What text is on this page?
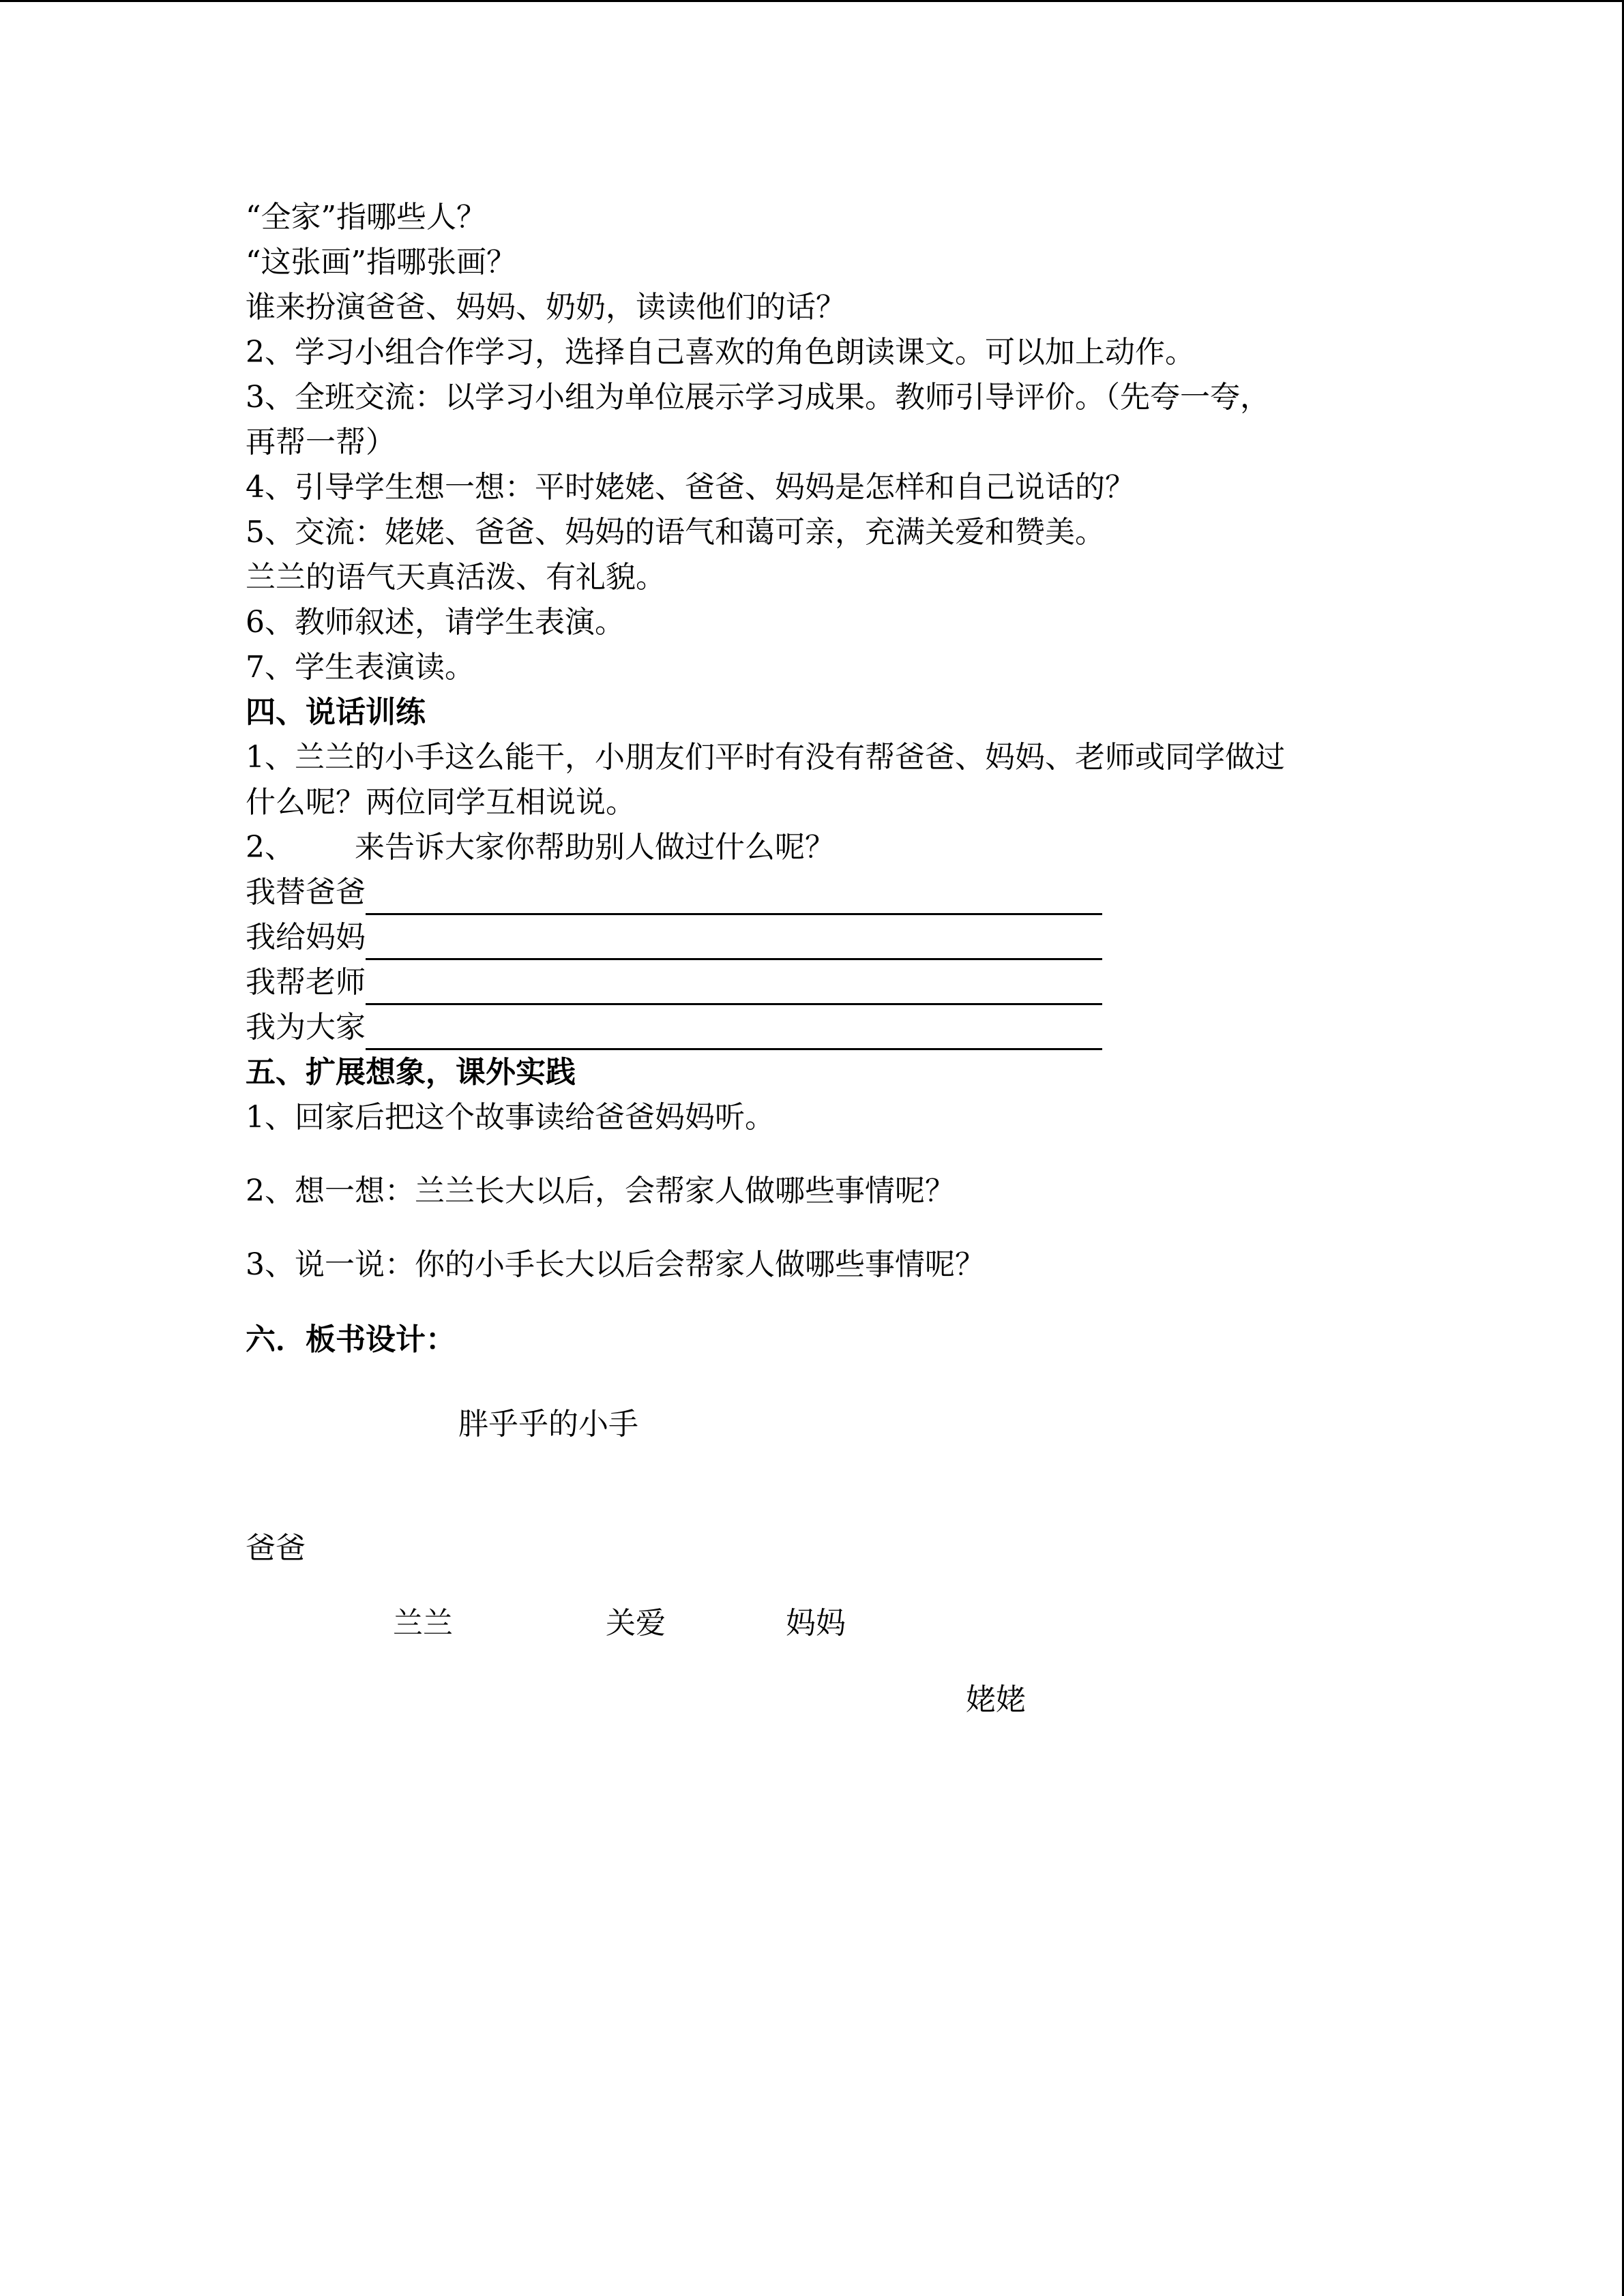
“全家”指哪些人？
“这张画”指哪张画？
谁来扮演爸爸、妈妈、奶奶，读读他们的话？
2、学习小组合作学习，选择自己喜欢的角色朗读课文。可以加上动作。
3、全班交流：以学习小组为单位展示学习成果。教师引导评价。（先夸一夸，
再帮一帮）
4、引导学生想一想：平时姥姥、爸爸、妈妈是怎样和自己说话的？
5、交流：姥姥、爸爸、妈妈的语气和蔼可亲，充满关爱和赞美。
兰兰的语气天真活泼、有礼貌。
6、教师叙述，请学生表演。
7、学生表演读。
四、说话训练
1、兰兰的小手这么能干，小朋友们平时有没有帮爸爸、妈妈、老师或同学做过
什么呢？两位同学互相说说。
2、 来告诉大家你帮助别人做过什么呢？
我替爸爸
我给妈妈
我帮老师
我为大家
五、扩展想象，课外实践
1、回家后把这个故事读给爸爸妈妈听。
2、想一想：兰兰长大以后，会帮家人做哪些事情呢？
3、说一说：你的小手长大以后会帮家人做哪些事情呢？
六．板书设计：
胖乎乎的小手
爸爸
兰兰	关爱	妈妈
姥姥
